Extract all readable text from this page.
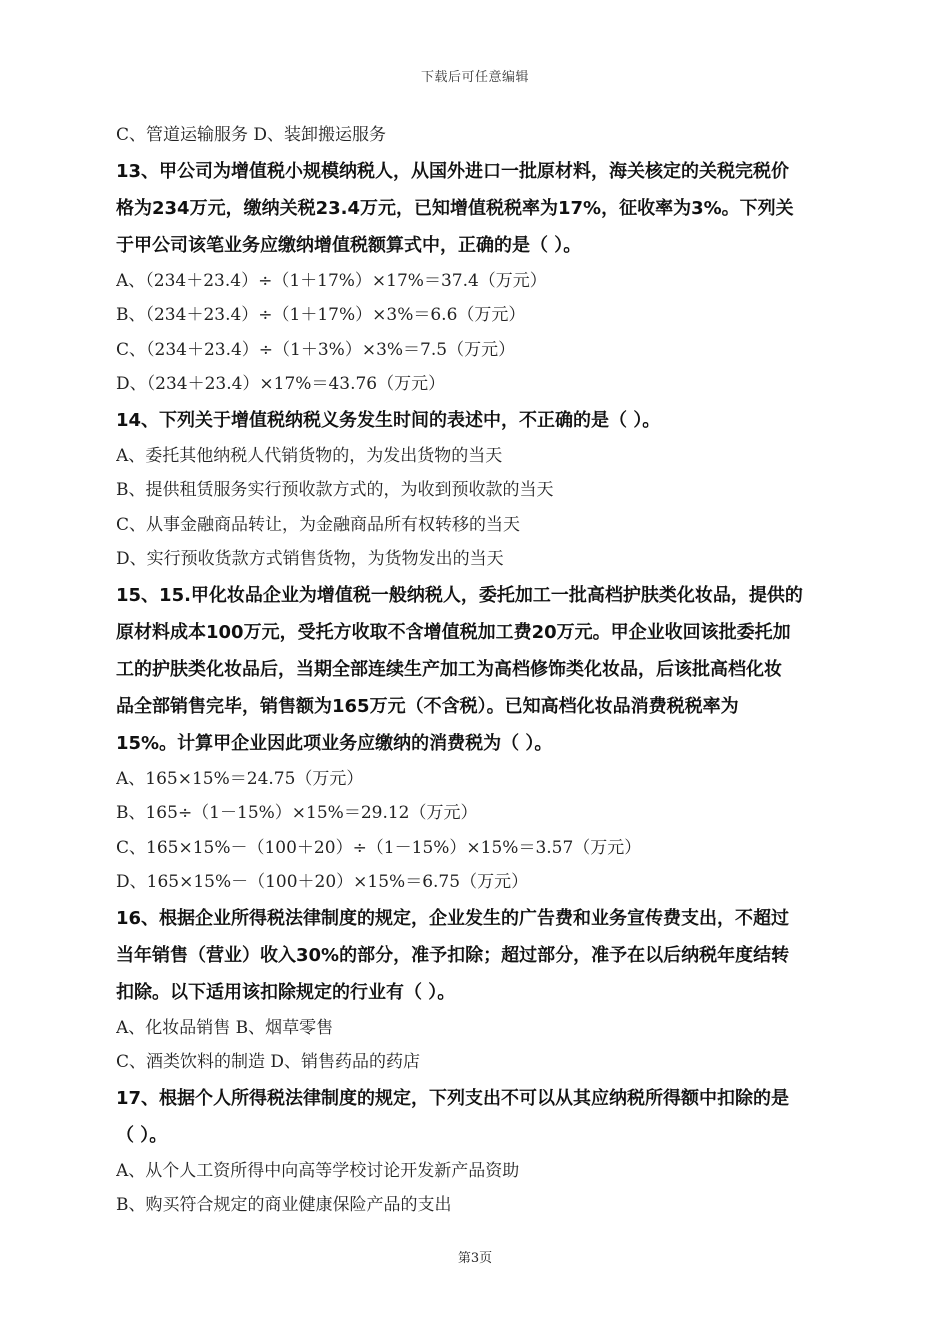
下载后可任意编辑
C、管道运输服务 D、装卸搬运服务
13、甲公司为增值税小规模纳税人，从国外进口一批原材料，海关核定的关税完税价
格为234万元，缴纳关税23.4万元，已知增值税税率为17%，征收率为3%。下列关
于甲公司该笔业务应缴纳增值税额算式中，正确的是（ ）。
A、（234＋23.4）÷（1＋17%）×17%＝37.4（万元）
B、（234＋23.4）÷（1＋17%）×3%＝6.6（万元）
C、（234＋23.4）÷（1＋3%）×3%＝7.5（万元）
D、（234＋23.4）×17%＝43.76（万元）
14、下列关于增值税纳税义务发生时间的表述中，不正确的是（ ）。
A、委托其他纳税人代销货物的，为发出货物的当天
B、提供租赁服务实行预收款方式的，为收到预收款的当天
C、从事金融商品转让，为金融商品所有权转移的当天
D、实行预收货款方式销售货物，为货物发出的当天
15、15.甲化妆品企业为增值税一般纳税人，委托加工一批高档护肤类化妆品，提供的
原材料成本100万元，受托方收取不含增值税加工费20万元。甲企业收回该批委托加
工的护肤类化妆品后，当期全部连续生产加工为高档修饰类化妆品，后该批高档化妆
品全部销售完毕，销售额为165万元（不含税）。已知高档化妆品消费税税率为
15%。计算甲企业因此项业务应缴纳的消费税为（ ）。
A、165×15%＝24.75（万元）
B、165÷（1－15%）×15%＝29.12（万元）
C、165×15%－（100＋20）÷（1－15%）×15%＝3.57（万元）
D、165×15%－（100＋20）×15%＝6.75（万元）
16、根据企业所得税法律制度的规定，企业发生的广告费和业务宣传费支出，不超过
当年销售（营业）收入30%的部分，准予扣除；超过部分，准予在以后纳税年度结转
扣除。以下适用该扣除规定的行业有（ ）。
A、化妆品销售 B、烟草零售
C、酒类饮料的制造 D、销售药品的药店
17、根据个人所得税法律制度的规定，下列支出不可以从其应纳税所得额中扣除的是
（ ）。
A、从个人工资所得中向高等学校讨论开发新产品资助
B、购买符合规定的商业健康保险产品的支出
第3页
